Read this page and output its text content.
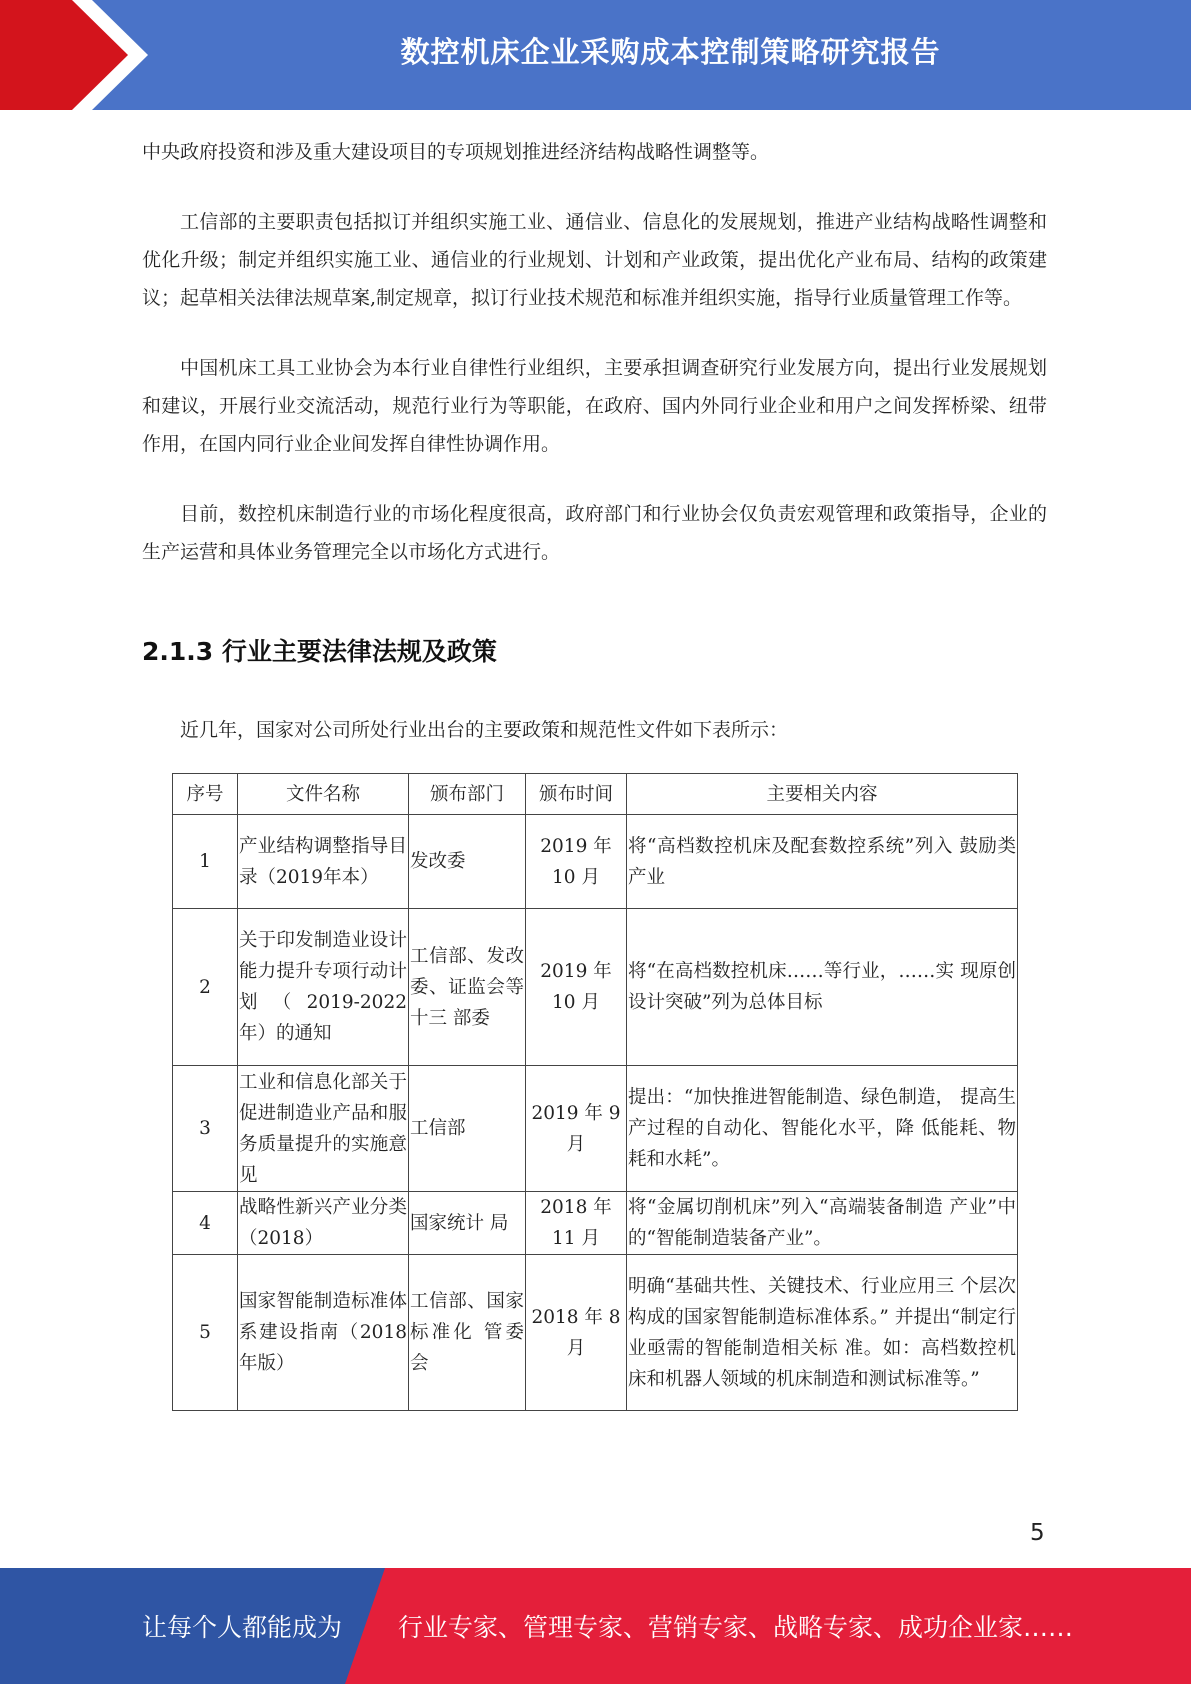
数控机床企业采购成本控制策略研究报告

中央政府投资和涉及重大建设项目的专项规划推进经济结构战略性调整等。

工信部的主要职责包括拟订并组织实施工业、通信业、信息化的发展规划，推进产业结构战略性调整和优化升级；制定并组织实施工业、通信业的行业规划、计划和产业政策，提出优化产业布局、结构的政策建议；起草相关法律法规草案,制定规章，拟订行业技术规范和标准并组织实施，指导行业质量管理工作等。

中国机床工具工业协会为本行业自律性行业组织，主要承担调查研究行业发展方向，提出行业发展规划和建议，开展行业交流活动，规范行业行为等职能，在政府、国内外同行业企业和用户之间发挥桥梁、纽带作用，在国内同行业企业间发挥自律性协调作用。

目前，数控机床制造行业的市场化程度很高，政府部门和行业协会仅负责宏观管理和政策指导，企业的生产运营和具体业务管理完全以市场化方式进行。

2.1.3 行业主要法律法规及政策

近几年，国家对公司所处行业出台的主要政策和规范性文件如下表所示：

序号	文件名称	颁布部门	颁布时间	主要相关内容
1	产业结构调整指导目录（2019年本）	发改委	2019 年 10 月	将“高档数控机床及配套数控系统”列入 鼓励类产业
2	关于印发制造业设计能力提升专项行动计划（2019-2022 年）的通知	工信部、发改委、证监会等十三 部委	2019 年 10 月	将“在高档数控机床……等行业，……实 现原创设计突破”列为总体目标
3	工业和信息化部关于促进制造业产品和服务质量提升的实施意见	工信部	2019 年 9 月	提出：“加快推进智能制造、绿色制造， 提高生产过程的自动化、智能化水平，降 低能耗、物耗和水耗”。
4	战略性新兴产业分类（2018）	国家统计 局	2018 年 11 月	将“金属切削机床”列入“高端装备制造 产业”中的“智能制造装备产业”。
5	国家智能制造标准体系建设指南（2018 年版）	工信部、国家标准化 管委会	2018 年 8 月	明确“基础共性、关键技术、行业应用三 个层次构成的国家智能制造标准体系。” 并提出“制定行业亟需的智能制造相关标 准。如：高档数控机床和机器人领域的机床制造和测试标准等。”
5
让每个人都能成为 行业专家、管理专家、营销专家、战略专家、成功企业家……
